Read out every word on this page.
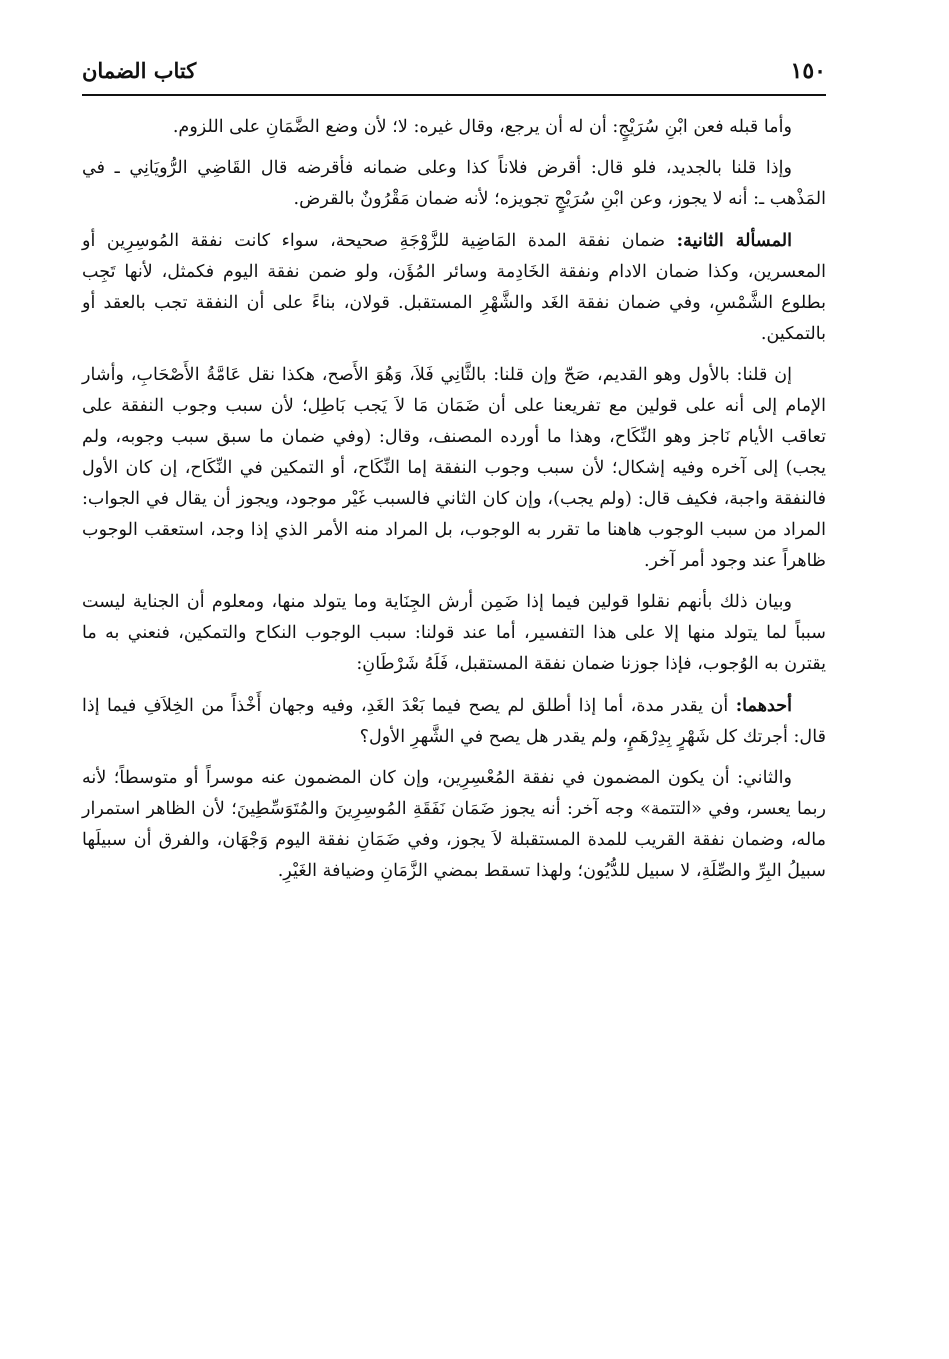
١٥٠
كتاب الضمان

وأما قبله فعن ابْنِ سُرَيْجٍ: أن له أن يرجع، وقال غيره: لا؛ لأن وضع الضَّمَانِ على اللزوم.

وإذا قلنا بالجديد، فلو قال: أقرض فلاناً كذا وعلى ضمانه فأقرضه قال القَاضِي الرُّويَانِي ـ في المَذْهب ـ: أنه لا يجوز، وعن ابْنِ سُرَيْجٍ تجويزه؛ لأنه ضمان مَقْرُونٌ بالقرض.

المسألة الثانية: ضمان نفقة المدة المَاضِية للزَّوْجَةِ صحيحة، سواء كانت نفقة المُوسِرِين أو المعسرين، وكذا ضمان الادام ونفقة الخَادِمة وسائر المُؤَن، ولو ضمن نفقة اليوم فكمثل، لأنها تَجِب بطلوع الشَّمْسِ، وفي ضمان نفقة الغَد والشَّهْرِ المستقبل. قولان، بناءً على أن النفقة تجب بالعقد أو بالتمكين.

إن قلنا: بالأول وهو القديم، صَحّ وإن قلنا: بالثَّانِي فَلاَ، وَهُوَ الأَصح، هكذا نقل عَامَّةُ الأَصْحَابِ، وأشار الإمام إلى أنه على قولين مع تفريعنا على أن ضَمَان مَا لاَ يَجب بَاطِل؛ لأن سبب وجوب النفقة على تعاقب الأيام نَاجز وهو النِّكَاح، وهذا ما أورده المصنف، وقال: (وفي ضمان ما سبق سبب وجوبه، ولم يجب) إلى آخره وفيه إشكال؛ لأن سبب وجوب النفقة إما النِّكَاح، أو التمكين في النِّكَاح، إن كان الأول فالنفقة واجبة، فكيف قال: (ولم يجب)، وإن كان الثاني فالسبب غَيْر موجود، ويجوز أن يقال في الجواب: المراد من سبب الوجوب هاهنا ما تقرر به الوجوب، بل المراد منه الأمر الذي إذا وجد، استعقب الوجوب ظاهراً عند وجود أمر آخر.

وبيان ذلك بأنهم نقلوا قولين فيما إذا ضَمِن أرش الجِنَاية وما يتولد منها، ومعلوم أن الجناية ليست سبباً لما يتولد منها إلا على هذا التفسير، أما عند قولنا: سبب الوجوب النكاح والتمكين، فنعني به ما يقترن به الوُجوب، فإذا جوزنا ضمان نفقة المستقبل، فَلَهُ شَرْطَانِ:

أحدهما: أن يقدر مدة، أما إذا أطلق لم يصح فيما بَعْدَ الغَدِ، وفيه وجهان أَخْذاً من الخِلاَفِ فيما إذا قال: أجرتك كل شَهْرٍ بِدِرْهَمٍ، ولم يقدر هل يصح في الشَّهرِ الأول؟

والثاني: أن يكون المضمون في نفقة المُعْسِرِين، وإن كان المضمون عنه موسراً أو متوسطاً؛ لأنه ربما يعسر، وفي «التتمة» وجه آخر: أنه يجوز ضَمَان نَفَقَةِ المُوسِرِينَ والمُتَوَسِّطِينَ؛ لأن الظاهر استمرار ماله، وضمان نفقة القريب للمدة المستقبلة لاَ يجوز، وفي ضَمَانِ نفقة اليوم وَجْهَان، والفرق أن سبيلَها سبيلُ البِرِّ والصِّلَةِ، لا سبيل للدُّيُون؛ ولهذا تسقط بمضي الزَّمَانِ وضيافة الغَيْرِ.
